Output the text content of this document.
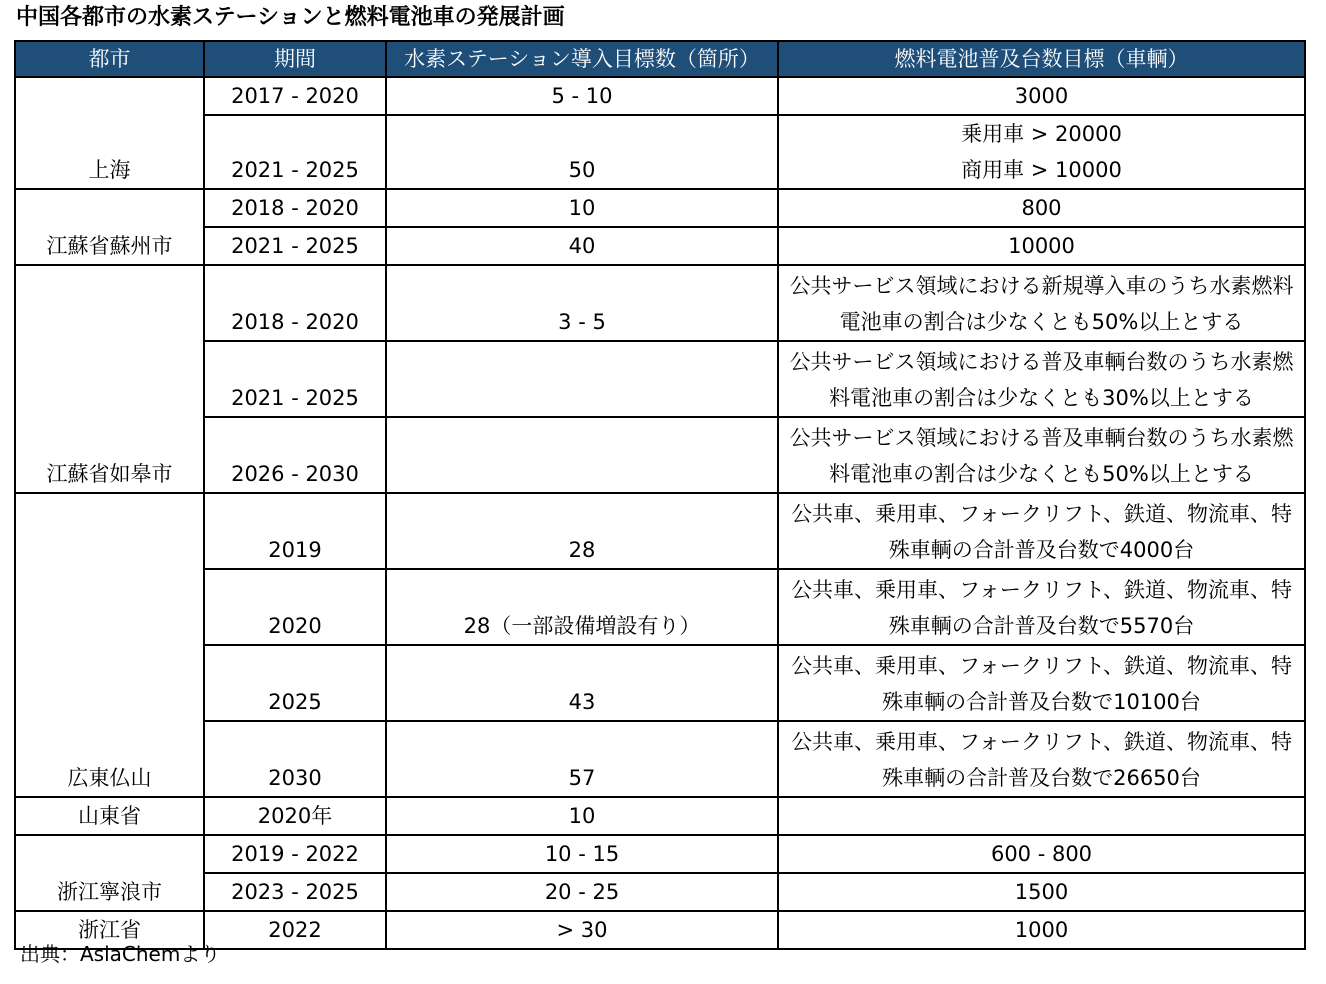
中国各都市の水素ステーションと燃料電池車の発展計画
都市	期間	水素ステーション導入目標数（箇所）	燃料電池普及台数目標（車輌）
上海	2017 - 2020	5 - 10	3000
	2021 - 2025	50	乗用車 > 20000
商用車 > 10000

江蘇省蘇州市	2018 - 2020	10	800
	2021 - 2025	40	10000
江蘇省如皋市	2018 - 2020	3 - 5	公共サービス領域における新規導入車のうち水素燃料電池車の割合は少なくとも50%以上とする
	2021 - 2025		公共サービス領域における普及車輌台数のうち水素燃料電池車の割合は少なくとも30%以上とする
	2026 - 2030		公共サービス領域における普及車輌台数のうち水素燃料電池車の割合は少なくとも50%以上とする
広東仏山	2019	28	公共車、乗用車、フォークリフト、鉄道、物流車、特殊車輌の合計普及台数で4000台
	2020	28（一部設備増設有り）	公共車、乗用車、フォークリフト、鉄道、物流車、特殊車輌の合計普及台数で5570台
	2025	43	公共車、乗用車、フォークリフト、鉄道、物流車、特殊車輌の合計普及台数で10100台
	2030	57	公共車、乗用車、フォークリフト、鉄道、物流車、特殊車輌の合計普及台数で26650台
山東省	2020年	10	
浙江寧浪市	2019 - 2022	10 - 15	600 - 800
	2023 - 2025	20 - 25	1500
浙江省	2022	> 30	1000
出典：AsiaChemより
